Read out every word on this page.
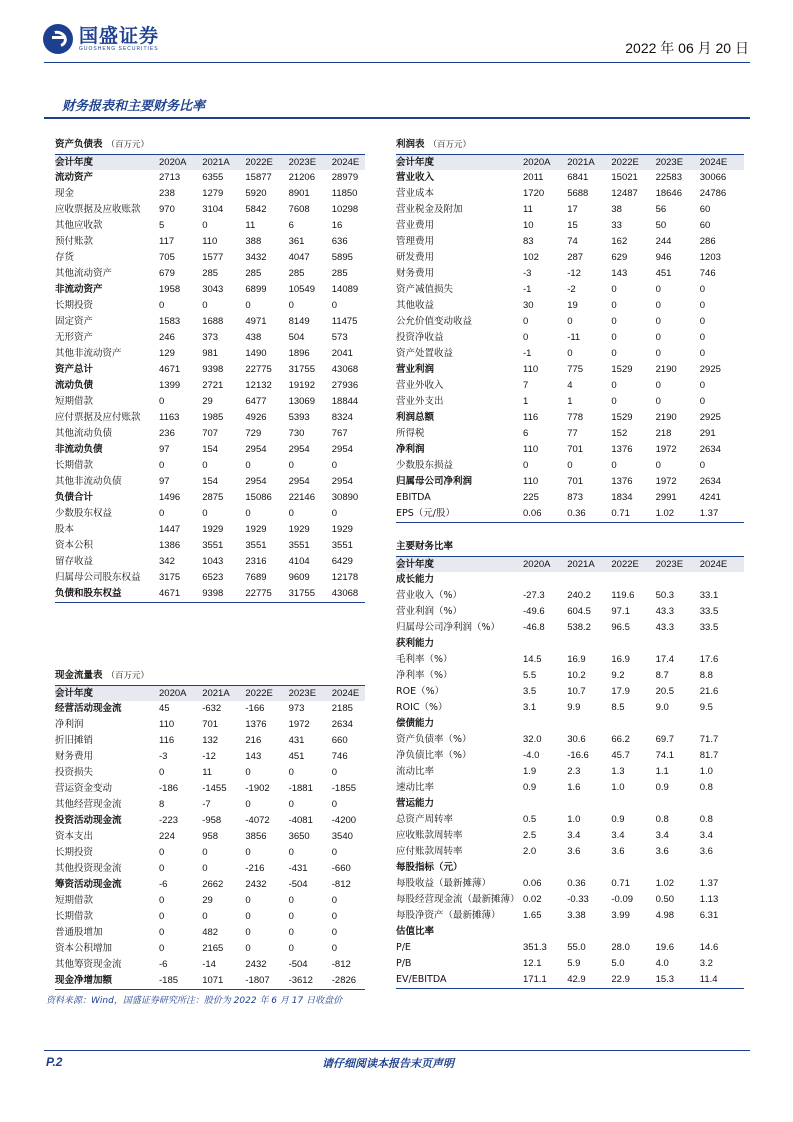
国盛证券
GUOSHENG SECURITIES	2022 年 06 月 20 日
财务报表和主要财务比率
资产负债表 （百万元）
会计年度	2020A	2021A	2022E	2023E	2024E
流动资产	2713	6355	15877	21206	28979
现金	238	1279	5920	8901	11850
应收票据及应收账款	970	3104	5842	7608	10298
其他应收款	5	0	11	6	16
预付账款	117	110	388	361	636
存货	705	1577	3432	4047	5895
其他流动资产	679	285	285	285	285
非流动资产	1958	3043	6899	10549	14089
长期投资	0	0	0	0	0
固定资产	1583	1688	4971	8149	11475
无形资产	246	373	438	504	573
其他非流动资产	129	981	1490	1896	2041
资产总计	4671	9398	22775	31755	43068
流动负债	1399	2721	12132	19192	27936
短期借款	0	29	6477	13069	18844
应付票据及应付账款	1163	1985	4926	5393	8324
其他流动负债	236	707	729	730	767
非流动负债	97	154	2954	2954	2954
长期借款	0	0	0	0	0
其他非流动负债	97	154	2954	2954	2954
负债合计	1496	2875	15086	22146	30890
少数股东权益	0	0	0	0	0
股本	1447	1929	1929	1929	1929
资本公积	1386	3551	3551	3551	3551
留存收益	342	1043	2316	4104	6429
归属母公司股东权益	3175	6523	7689	9609	12178
负债和股东权益	4671	9398	22775	31755	43068
利润表 （百万元）
会计年度	2020A	2021A	2022E	2023E	2024E
营业收入	2011	6841	15021	22583	30066
营业成本	1720	5688	12487	18646	24786
营业税金及附加	11	17	38	56	60
营业费用	10	15	33	50	60
管理费用	83	74	162	244	286
研发费用	102	287	629	946	1203
财务费用	-3	-12	143	451	746
资产减值损失	-1	-2	0	0	0
其他收益	30	19	0	0	0
公允价值变动收益	0	0	0	0	0
投资净收益	0	-11	0	0	0
资产处置收益	-1	0	0	0	0
营业利润	110	775	1529	2190	2925
营业外收入	7	4	0	0	0
营业外支出	1	1	0	0	0
利润总额	116	778	1529	2190	2925
所得税	6	77	152	218	291
净利润	110	701	1376	1972	2634
少数股东损益	0	0	0	0	0
归属母公司净利润	110	701	1376	1972	2634
EBITDA	225	873	1834	2991	4241
EPS（元/股）	0.06	0.36	0.71	1.02	1.37
现金流量表 （百万元）
会计年度	2020A	2021A	2022E	2023E	2024E
经营活动现金流	45	-632	-166	973	2185
净利润	110	701	1376	1972	2634
折旧摊销	116	132	216	431	660
财务费用	-3	-12	143	451	746
投资损失	0	11	0	0	0
营运资金变动	-186	-1455	-1902	-1881	-1855
其他经营现金流	8	-7	0	0	0
投资活动现金流	-223	-958	-4072	-4081	-4200
资本支出	224	958	3856	3650	3540
长期投资	0	0	0	0	0
其他投资现金流	0	0	-216	-431	-660
筹资活动现金流	-6	2662	2432	-504	-812
短期借款	0	29	0	0	0
长期借款	0	0	0	0	0
普通股增加	0	482	0	0	0
资本公积增加	0	2165	0	0	0
其他筹资现金流	-6	-14	2432	-504	-812
现金净增加额	-185	1071	-1807	-3612	-2826
主要财务比率
会计年度	2020A	2021A	2022E	2023E	2024E
成长能力
营业收入（%）	-27.3	240.2	119.6	50.3	33.1
营业利润（%）	-49.6	604.5	97.1	43.3	33.5
归属母公司净利润（%）	-46.8	538.2	96.5	43.3	33.5
获利能力
毛利率（%）	14.5	16.9	16.9	17.4	17.6
净利率（%）	5.5	10.2	9.2	8.7	8.8
ROE（%）	3.5	10.7	17.9	20.5	21.6
ROIC（%）	3.1	9.9	8.5	9.0	9.5
偿债能力
资产负债率（%）	32.0	30.6	66.2	69.7	71.7
净负债比率（%）	-4.0	-16.6	45.7	74.1	81.7
流动比率	1.9	2.3	1.3	1.1	1.0
速动比率	0.9	1.6	1.0	0.9	0.8
营运能力
总资产周转率	0.5	1.0	0.9	0.8	0.8
应收账款周转率	2.5	3.4	3.4	3.4	3.4
应付账款周转率	2.0	3.6	3.6	3.6	3.6
每股指标（元）
每股收益（最新摊薄）	0.06	0.36	0.71	1.02	1.37
每股经营现金流（最新摊薄） 0.02	-0.33	-0.09	0.50	1.13
每股净资产（最新摊薄）	1.65	3.38	3.99	4.98	6.31
估值比率
P/E	351.3	55.0	28.0	19.6	14.6
P/B	12.1	5.9	5.0	4.0	3.2
EV/EBITDA	171.1	42.9	22.9	15.3	11.4
资料来源：Wind，国盛证券研究所注：股价为 2022 年 6 月 17 日收盘价
P.2	请仔细阅读本报告末页声明
